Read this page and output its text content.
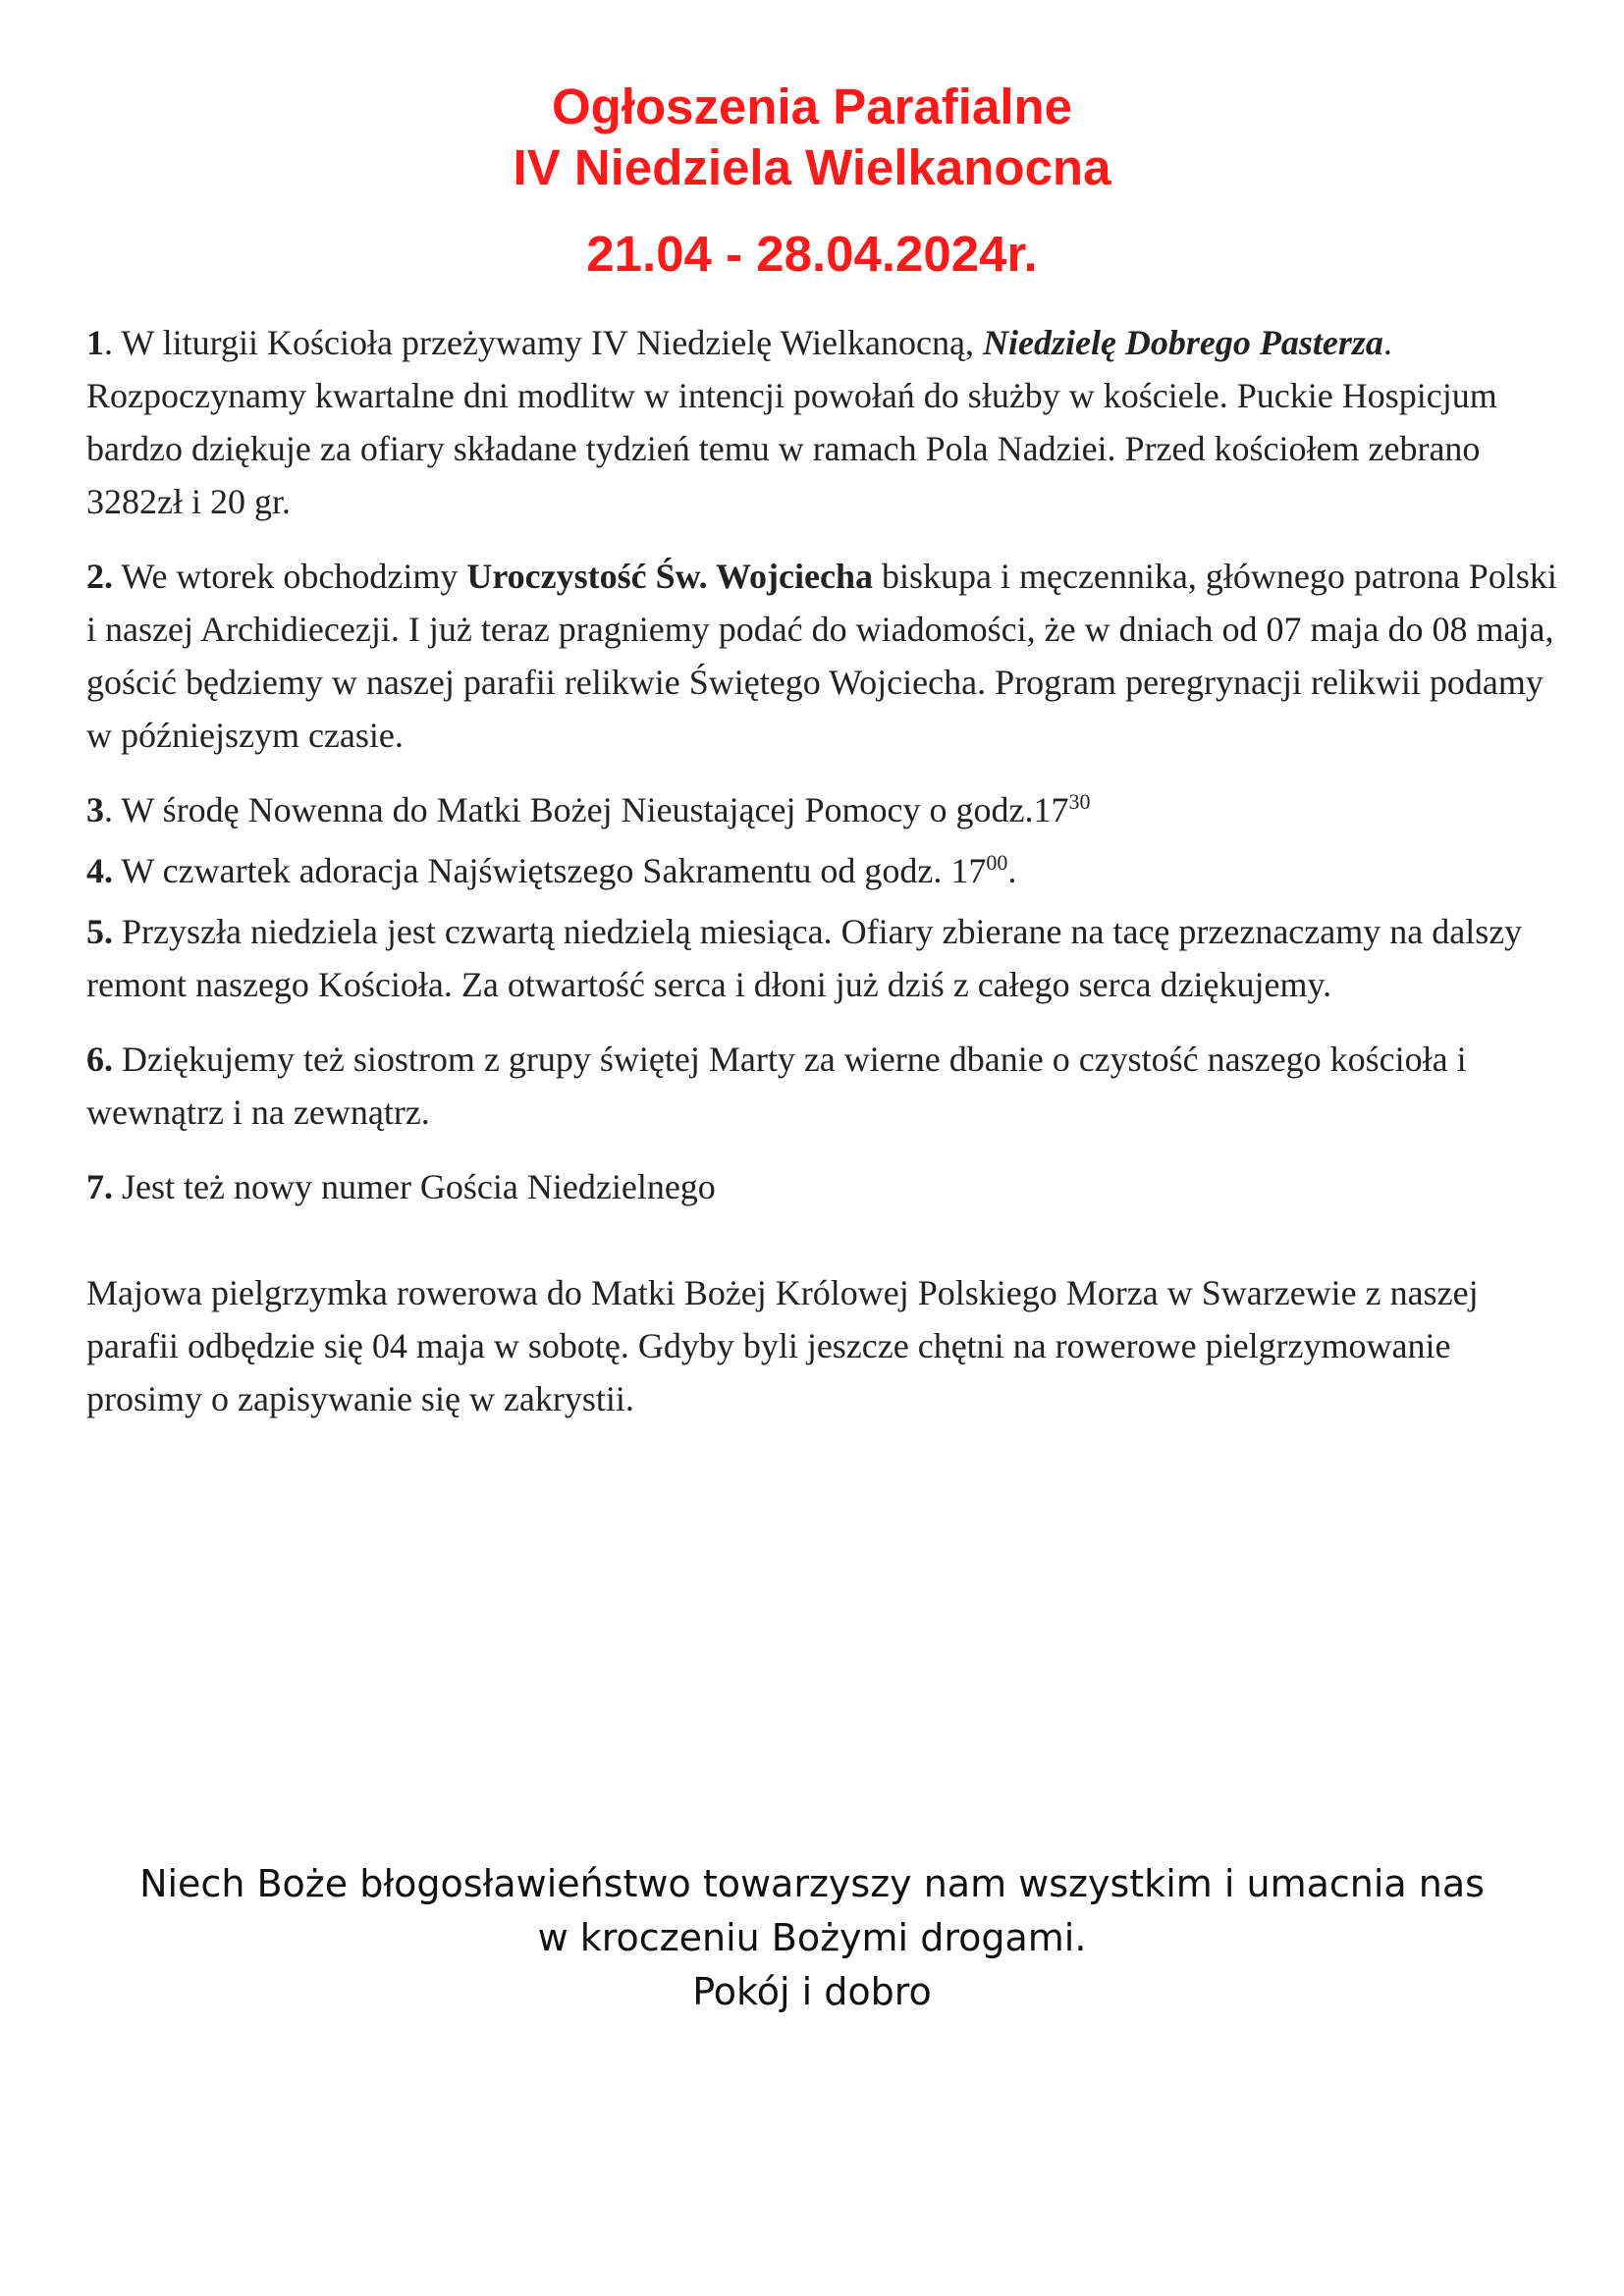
Ogłoszenia Parafialne
IV Niedziela Wielkanocna
21.04 - 28.04.2024r.

1. W liturgii Kościoła przeżywamy IV Niedzielę Wielkanocną, Niedzielę Dobrego Pasterza. Rozpoczynamy kwartalne dni modlitw w intencji powołań do służby w kościele. Puckie Hospicjum bardzo dziękuje za ofiary składane tydzień temu w ramach Pola Nadziei. Przed kościołem zebrano 3282zł i 20 gr.

2. We wtorek obchodzimy Uroczystość Św. Wojciecha biskupa i męczennika, głównego patrona Polski i naszej Archidiecezji. I już teraz pragniemy podać do wiadomości, że w dniach od 07 maja do 08 maja, gościć będziemy w naszej parafii relikwie Świętego Wojciecha. Program peregrynacji relikwii podamy w późniejszym czasie.

3. W środę Nowenna do Matki Bożej Nieustającej Pomocy o $godz.17^{30}$

4. W czwartek adoracja Najświętszego Sakramentu od godz. $17^{00}$.

5. Przyszła niedziela jest czwartą niedzielą miesiąca. Ofiary zbierane na tacę przeznaczamy na dalszy remont naszego Kościoła. Za otwartość serca i dłoni już dziś z całego serca dziękujemy.

6. Dziękujemy też siostrom z grupy świętej Marty za wierne dbanie o czystość naszego kościoła i wewnątrz i na zewnątrz.

7. Jest też nowy numer Gościa Niedzielnego

Majowa pielgrzymka rowerowa do Matki Bożej Królowej Polskiego Morza w Swarzewie z naszej parafii odbędzie się 04 maja w sobotę. Gdyby byli jeszcze chętni na rowerowe pielgrzymowanie prosimy o zapisywanie się w zakrystii.

Niech Boże błogosławieństwo towarzyszy nam wszystkim i umacnia nas
w kroczeniu Bożymi drogami.
Pokój i dobro
